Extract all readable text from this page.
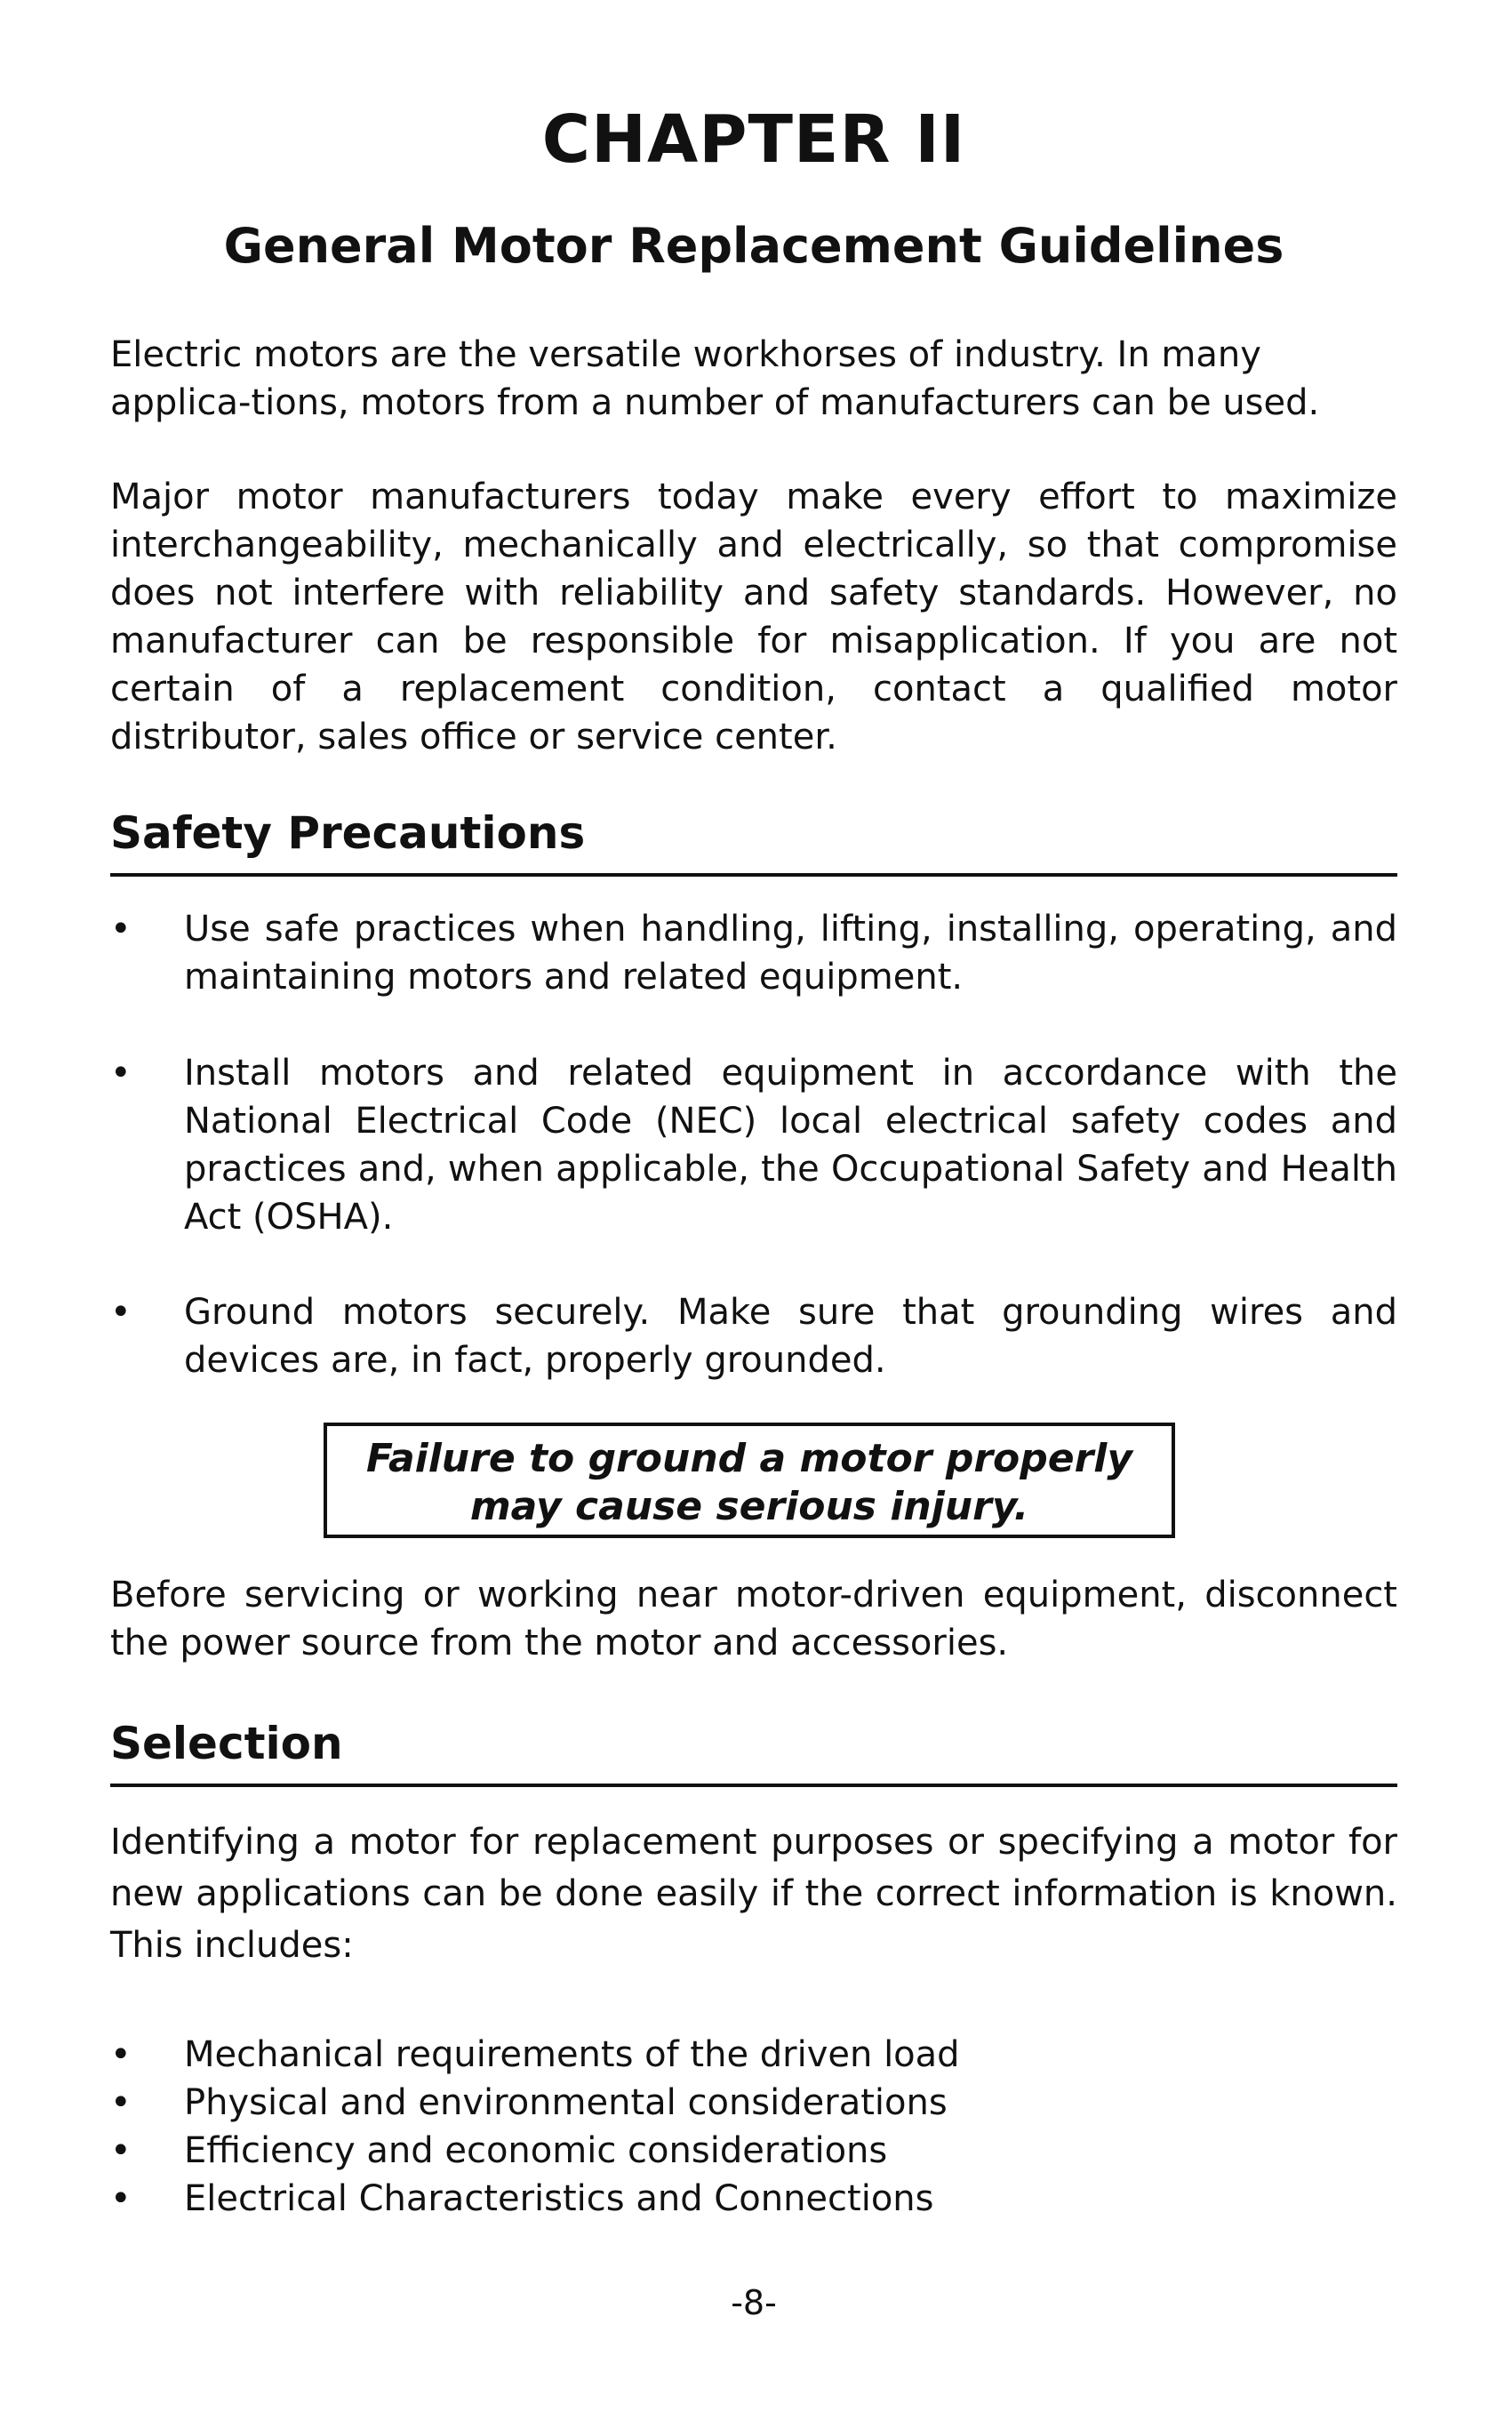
CHAPTER II
General Motor Replacement Guidelines

Electric motors are the versatile workhorses of industry. In many applica-tions, motors from a number of manufacturers can be used.

Major motor manufacturers today make every effort to maximize interchangeability, mechanically and electrically, so that compromise does not interfere with reliability and safety standards. However, no manufacturer can be responsible for misapplication. If you are not certain of a replacement condition, contact a qualified motor distributor, sales office or service center.

Safety Precautions
• Use safe practices when handling, lifting, installing, operating, and maintaining motors and related equipment.
• Install motors and related equipment in accordance with the National Electrical Code (NEC) local electrical safety codes and practices and, when applicable, the Occupational Safety and Health Act (OSHA).
• Ground motors securely. Make sure that grounding wires and devices are, in fact, properly grounded.
Failure to ground a motor properly
may cause serious injury.

Before servicing or working near motor-driven equipment, disconnect the power source from the motor and accessories.

Selection

Identifying a motor for replacement purposes or specifying a motor for new applications can be done easily if the correct information is known. This includes:

• Mechanical requirements of the driven load
• Physical and environmental considerations
• Efficiency and economic considerations
• Electrical Characteristics and Connections
-8-
